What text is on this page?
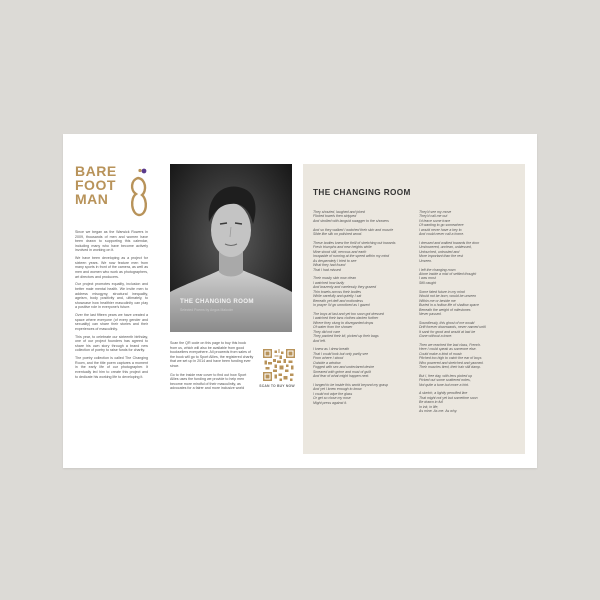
BARE
FOOT
MAN

Since we began as the Warwick Rowers in 2009, thousands of men and women have been drawn to supporting this calendar, including many who have become actively involved in working on it.

We have been developing as a project for sixteen years. We now feature men from many sports in front of the camera, as well as men and women who work as photographers, art directors and producers.

Our project promotes equality, inclusion and better male mental health. We invite men to address misogyny, structural inequality, ageism, body positivity and, ultimately, to showcase how healthier masculinity can play a positive role in everyone's future.

Over the last fifteen years we have created a space where everyone (of every gender and sexuality) can share their stories and their experiences of masculinity.

This year, to celebrate our sixteenth birthday, one of our project founders has agreed to share his own story through a brand new collection of poetry to raise funds for charity.

The poetry collection is called The Changing Room, and the title poem captures a moment in the early life of our photographer. It eventually led him to create this project and to dedicate his working life to developing it.

THE CHANGING ROOM
Selected Poems by Angus Malcolm

Scan the QR code on this page to buy this book from us, which will also be available from good booksellers everywhere. All proceeds from sales of the book will go to Sport Allies, the registered charity that we set up in 2014 and have been funding ever since.

Go to the inside rear cover to find out how Sport Allies uses the funding we provide to help men become more mindful of their masculinity, as advocates for a fairer and more inclusive world

SCAN TO BUY NOW
THE CHANGING ROOM
They shouted, laughed and joked
Flicked towels then stripped
And strolled with languid swagger to the showers
And so they walked I watched their skin and muscle
Slide like silk on polished wood.
These bodies knew the thrill of stretching out towards
Fresh triumphs and new heights while
Mine stood still, nervous and earth
Incapable of running at the speed within my mind
As desperately I tried to see
What they had found
That I had missed
Their musky skin now clean
I watched how lazily
And brazenly and carelessly they grazed
Thin towels across their bodies
While carefully and quietly I sat
Beneath yet deft and motionless
In prayer I'd go unnoticed as I gazed
The boys at last and yet too soon got dressed
I watched their tans clothes darken further
Where they clung to disregarded drops
Of water from the shower
They did not care
They packed their kit, picked up their bags
And left.
I knew as I drew breath
That I could look but only partly see
From where I stood
Outside a window
Fogged with sex and undeclared desire
Smeared with grime and must of guilt
And fear of what might happen next.
I longed to be inside this world beyond my grasp
And yet I knew enough to know
I could not wipe the glass
Or get so close my nose
Might press against it.
They'd see my move
They'd call me out
I'd leave some trace
Of wanting to go somewhere
I would never have a key to
And could never call a home.
I dressed and walked towards the door
Unshowered, unclean, unblessed,
Untouched, untrusted and
More important than the rest
Unseen.
I left the changing room
Alone inside a mist of settled thought
I was most
Still caught
Some fated future in my mind
Would not be born, would be unseen
Within me or beside me
Buried in a hollow life of shallow space
Beneath the weight of milestones
Never passed.
Soundlessly, this ghost of me would
Drift forever downwards, never named until
It sank for good and would at last be
Gone without a trace.
Then we reached the last class, French.
Here I could speak as someone else.
Could make a kind of music
Pitched too high to catch the ear of boys
Who powered and stretched and yawned.
Their muscles tired, their hair still damp.
But I, free day, with lens picked up
Picked out some scattered notes,
Not quite a tune but more a hint.
A sketch, a lightly pencilled line
That might not yet but sometime soon
Be drawn in full
In ink, in life,
As mine. As me. As why.
